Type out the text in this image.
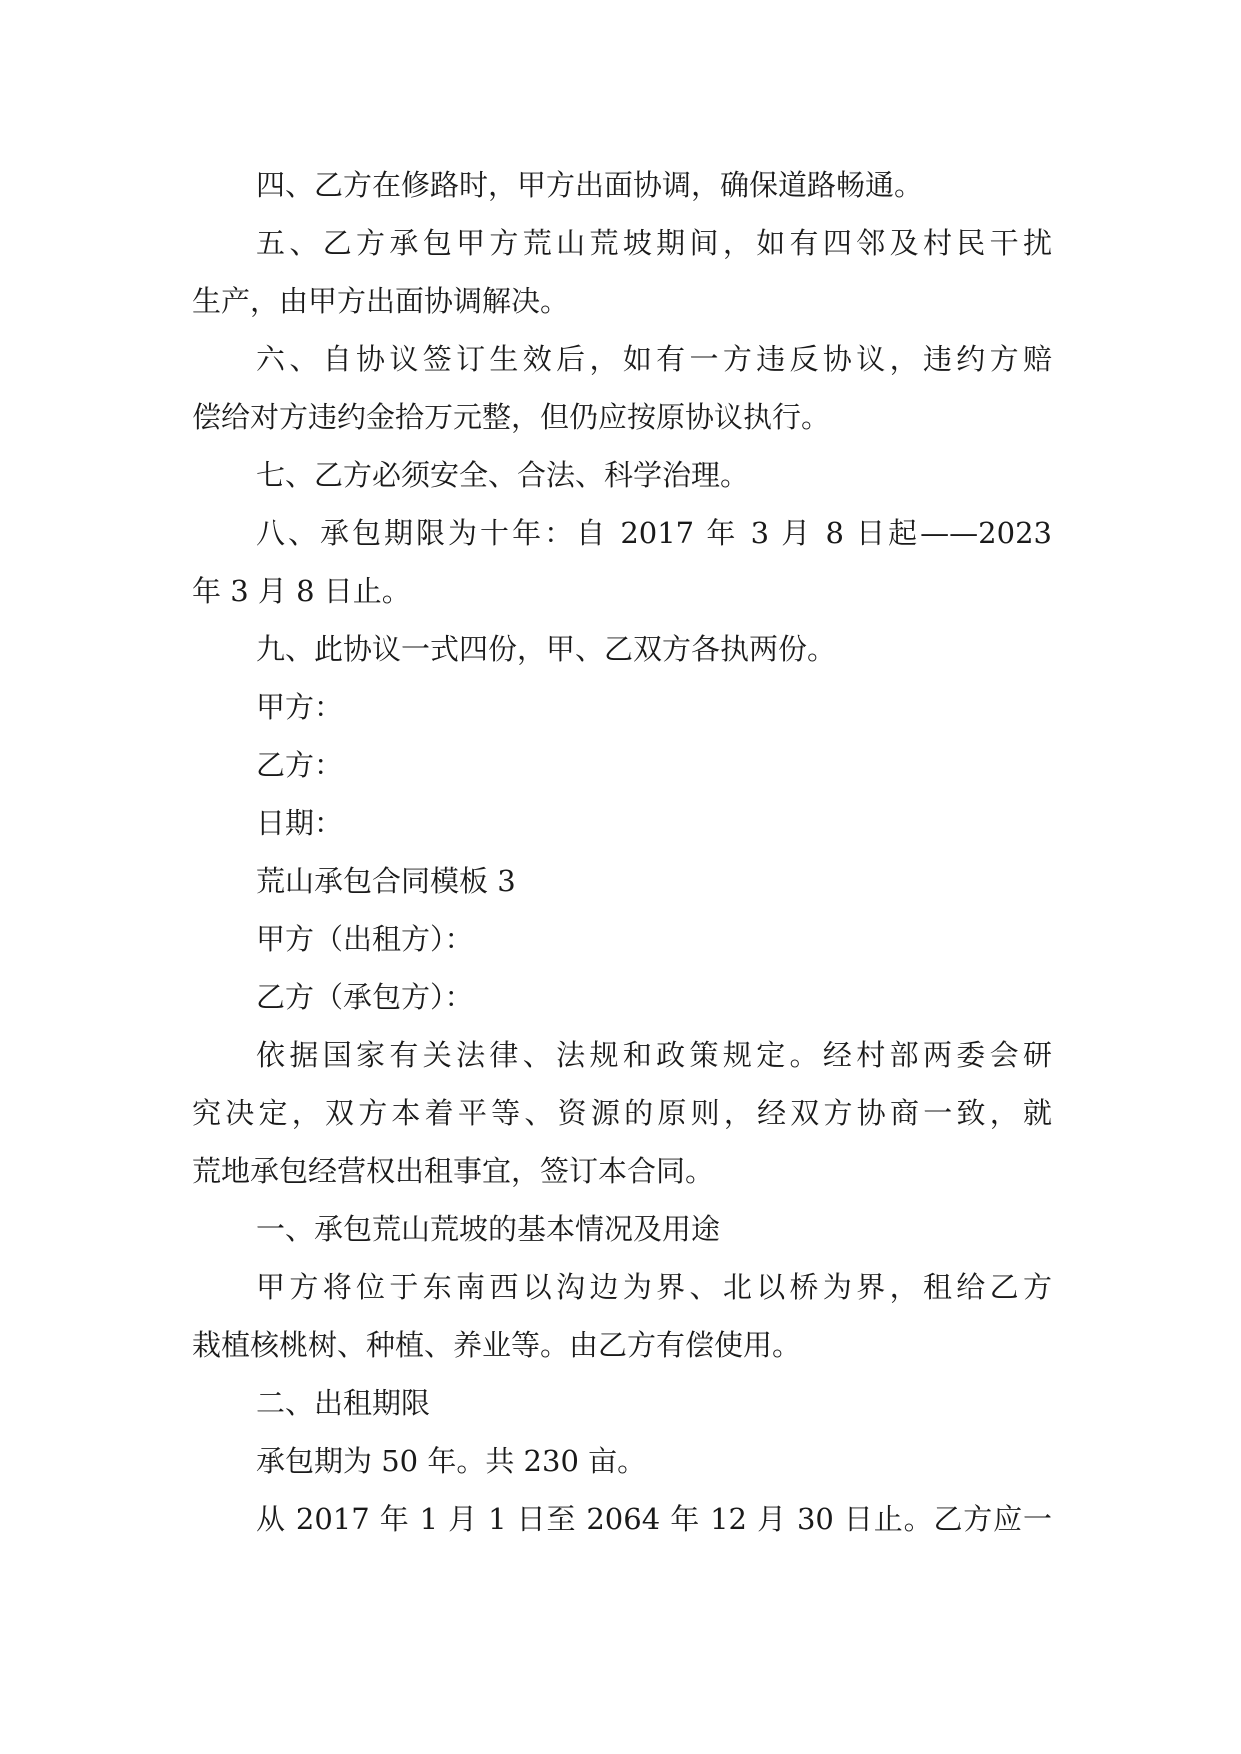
四、乙方在修路时，甲方出面协调，确保道路畅通。
五、乙方承包甲方荒山荒坡期间，如有四邻及村民干扰
生产，由甲方出面协调解决。
六、自协议签订生效后，如有一方违反协议，违约方赔
偿给对方违约金拾万元整，但仍应按原协议执行。
七、乙方必须安全、合法、科学治理。
八、承包期限为十年：自 2017 年 3 月 8 日起——2023
年 3 月 8 日止。
九、此协议一式四份，甲、乙双方各执两份。
甲方：
乙方：
日期：
荒山承包合同模板 3
甲方（出租方）：
乙方（承包方）：
依据国家有关法律、法规和政策规定。经村部两委会研
究决定，双方本着平等、资源的原则，经双方协商一致，就
荒地承包经营权出租事宜，签订本合同。
一、承包荒山荒坡的基本情况及用途
甲方将位于东南西以沟边为界、北以桥为界，租给乙方
栽植核桃树、种植、养业等。由乙方有偿使用。
二、出租期限
承包期为 50 年。共 230 亩。
从 2017 年 1 月 1 日至 2064 年 12 月 30 日止。乙方应一
